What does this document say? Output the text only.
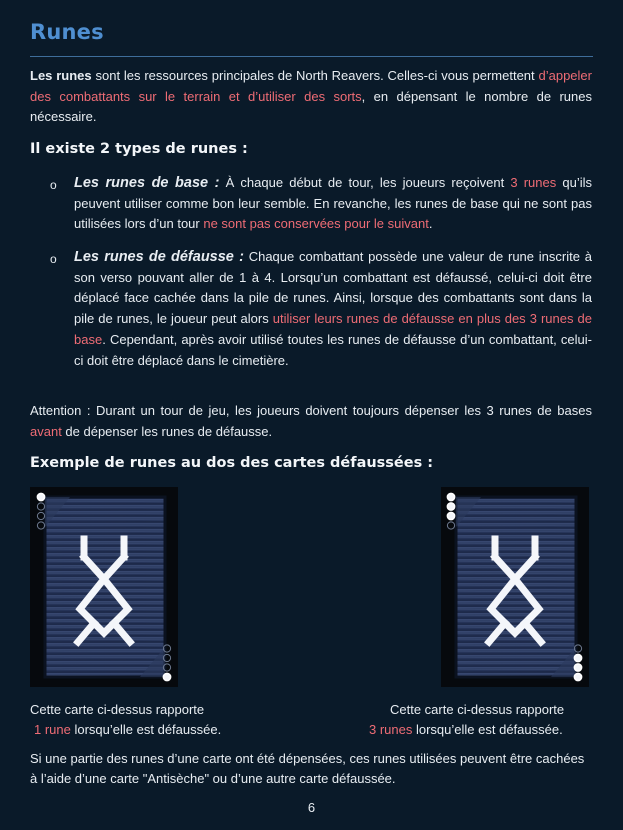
Runes

Les runes sont les ressources principales de North Reavers. Celles-ci vous permettent d’appeler des combattants sur le terrain et d’utiliser des sorts, en dépensant le nombre de runes nécessaire.

Il existe 2 types de runes :
o	Les runes de base : À chaque début de tour, les joueurs reçoivent 3 runes qu’ils peuvent utiliser comme bon leur semble. En revanche, les runes de base qui ne sont pas utilisées lors d’un tour ne sont pas conservées pour le suivant.

o	Les runes de défausse : Chaque combattant possède une valeur de rune inscrite à son verso pouvant aller de 1 à 4. Lorsqu’un combattant est défaussé, celui-ci doit être déplacé face cachée dans la pile de runes. Ainsi, lorsque des combattants sont dans la pile de runes, le joueur peut alors utiliser leurs runes de défausse en plus des 3 runes de base. Cependant, après avoir utilisé toutes les runes de défausse d’un combattant, celui-ci doit être déplacé dans le cimetière.

Attention : Durant un tour de jeu, les joueurs doivent toujours dépenser les 3 runes de bases avant de dépenser les runes de défausse.

Exemple de runes au dos des cartes défaussées :
Cette carte ci-dessus rapporte
1 rune lorsqu’elle est défaussée.
Cette carte ci-dessus rapporte
3 runes lorsqu’elle est défaussée.

Si une partie des runes d’une carte ont été dépensées, ces runes utilisées peuvent être cachées à l’aide d’une carte "Antisèche" ou d’une autre carte défaussée.

6
